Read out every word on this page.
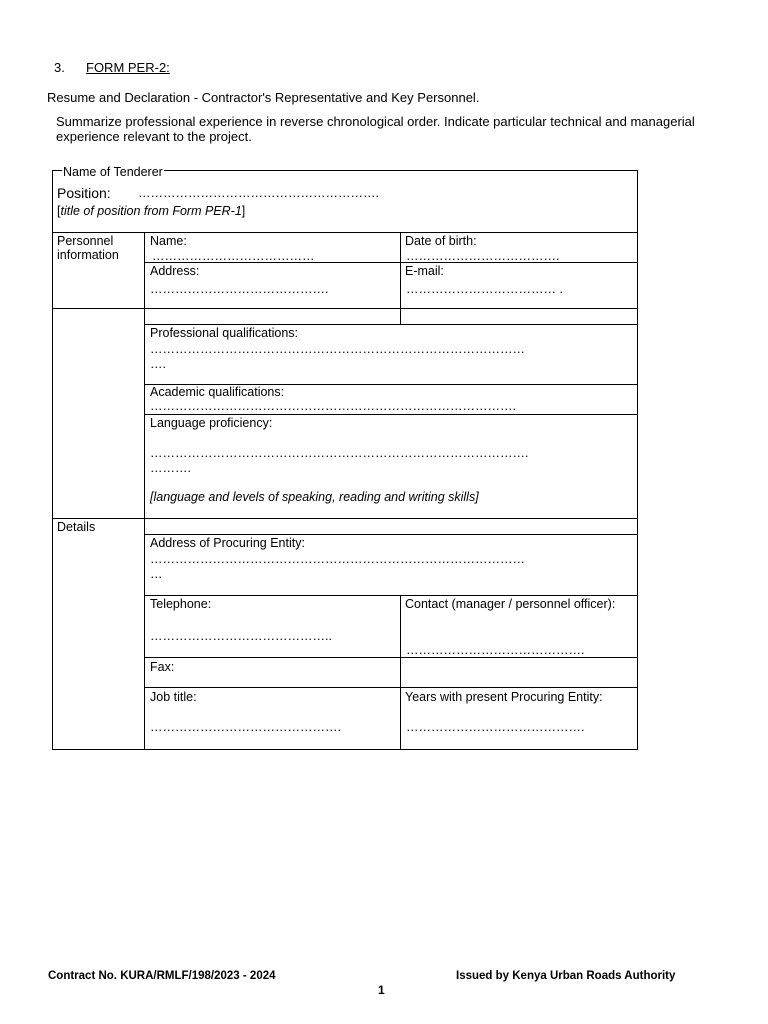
3. FORM PER-2:
Resume and Declaration - Contractor's Representative and Key Personnel.
Summarize professional experience in reverse chronological order. Indicate particular technical and managerial experience relevant to the project.
Name of Tenderer
Position: ………………………………………………….
[title of position from Form PER-1]
Personnel information
Name:
…………………………………
Date of birth:
……………………………….
Address:
…………………………………….
E-mail:
……………………………… .
Professional qualifications:
………………………………………………………………………………
….
Academic qualifications:
…………………………………………………………………………….
Language proficiency:
……………………………………………………………………………….
……….
[language and levels of speaking, reading and writing skills]
Details
Address of Procuring Entity:
………………………………………………………………………………
…
Telephone:
……………………………………..
Contact (manager / personnel officer):
…………………………………….
Fax:
Job title:
……………………………………….
Years with present Procuring Entity:
…………………………………….
Contract No. KURA/RMLF/198/2023 - 2024	Issued by Kenya Urban Roads Authority
1
